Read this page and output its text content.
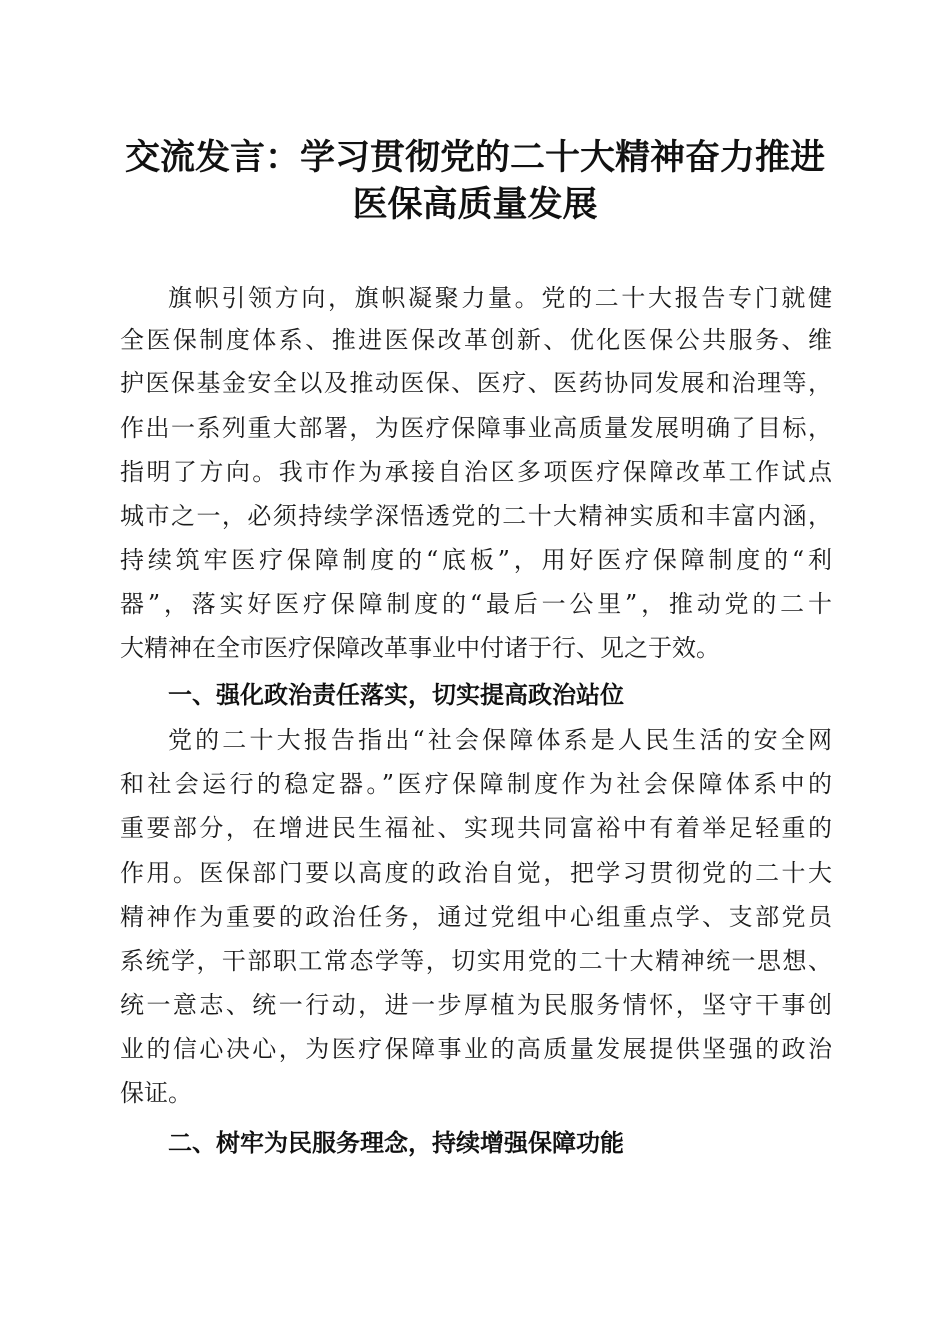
交流发言：学习贯彻党的二十大精神奋力推进
医保高质量发展
旗帜引领方向，旗帜凝聚力量。党的二十大报告专门就健
全医保制度体系、推进医保改革创新、优化医保公共服务、维
护医保基金安全以及推动医保、医疗、医药协同发展和治理等，
作出一系列重大部署，为医疗保障事业高质量发展明确了目标，
指明了方向。我市作为承接自治区多项医疗保障改革工作试点
城市之一，必须持续学深悟透党的二十大精神实质和丰富内涵，
持续筑牢医疗保障制度的“底板”，用好医疗保障制度的“利
器”，落实好医疗保障制度的“最后一公里”，推动党的二十
大精神在全市医疗保障改革事业中付诸于行、见之于效。
一、强化政治责任落实，切实提高政治站位
党的二十大报告指出“社会保障体系是人民生活的安全网
和社会运行的稳定器。”医疗保障制度作为社会保障体系中的
重要部分，在增进民生福祉、实现共同富裕中有着举足轻重的
作用。医保部门要以高度的政治自觉，把学习贯彻党的二十大
精神作为重要的政治任务，通过党组中心组重点学、支部党员
系统学，干部职工常态学等，切实用党的二十大精神统一思想、
统一意志、统一行动，进一步厚植为民服务情怀，坚守干事创
业的信心决心，为医疗保障事业的高质量发展提供坚强的政治
保证。
二、树牢为民服务理念，持续增强保障功能
